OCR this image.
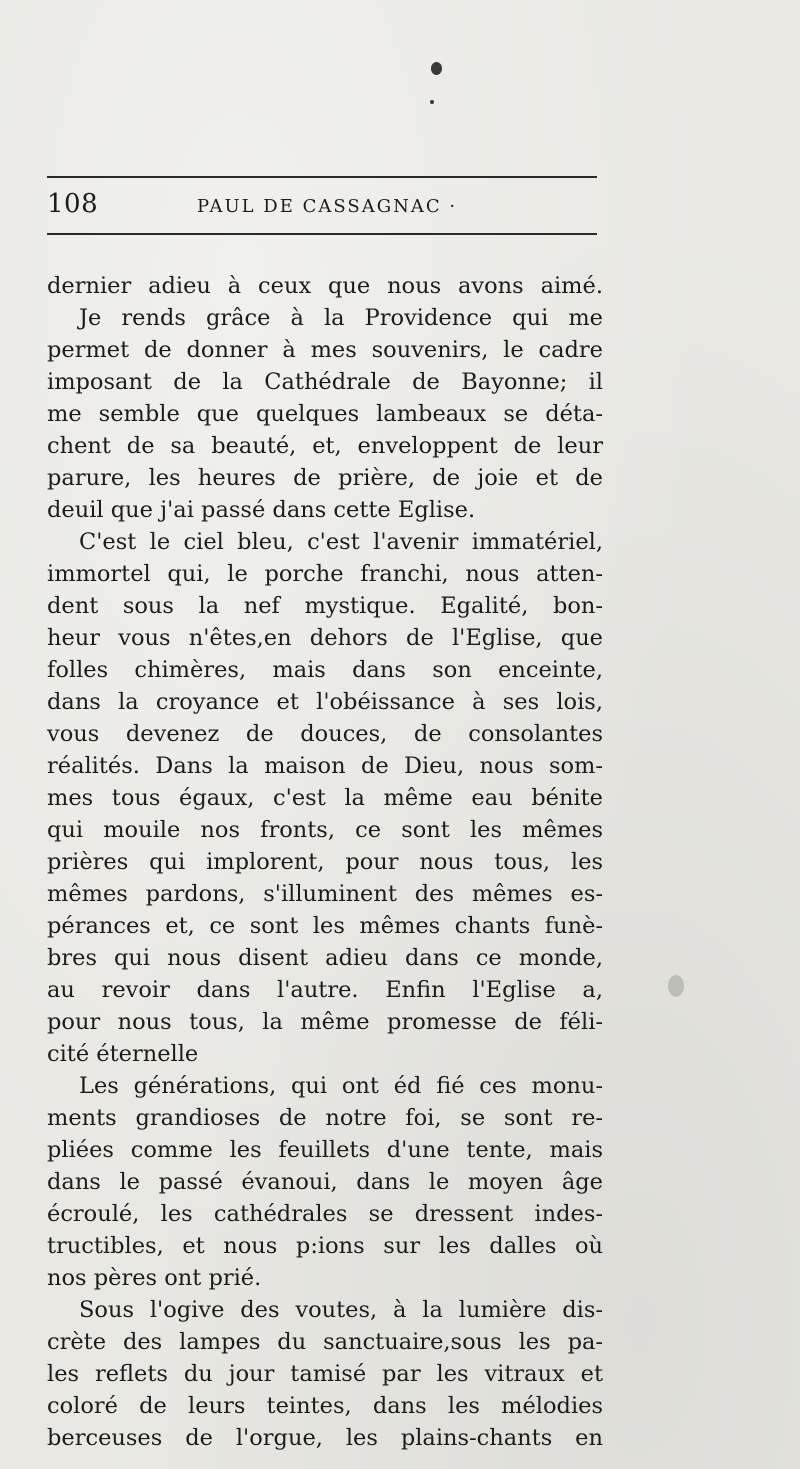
108	PAUL DE CASSAGNAC ·
dernier adieu à ceux que nous avons aimé.
Je rends grâce à la Providence qui me
permet de donner à mes souvenirs, le cadre
imposant de la Cathédrale de Bayonne; il
me semble que quelques lambeaux se déta-
chent de sa beauté, et, enveloppent de leur
parure, les heures de prière, de joie et de
deuil que j'ai passé dans cette Eglise.
C'est le ciel bleu, c'est l'avenir immatériel,
immortel qui, le porche franchi, nous atten-
dent sous la nef mystique. Egalité, bon-
heur vous n'êtes,en dehors de l'Eglise, que
folles chimères, mais dans son enceinte,
dans la croyance et l'obéissance à ses lois,
vous devenez de douces, de consolantes
réalités. Dans la maison de Dieu, nous som-
mes tous égaux, c'est la même eau bénite
qui mouile nos fronts, ce sont les mêmes
prières qui implorent, pour nous tous, les
mêmes pardons, s'illuminent des mêmes es-
pérances et, ce sont les mêmes chants funè-
bres qui nous disent adieu dans ce monde,
au revoir dans l'autre. Enfin l'Eglise a,
pour nous tous, la même promesse de féli-
cité éternelle
Les générations, qui ont éd fié ces monu-
ments grandioses de notre foi, se sont re-
pliées comme les feuillets d'une tente, mais
dans le passé évanoui, dans le moyen âge
écroulé, les cathédrales se dressent indes-
tructibles, et nous p:ions sur les dalles où
nos pères ont prié.
Sous l'ogive des voutes, à la lumière dis-
crète des lampes du sanctuaire,sous les pa-
les reflets du jour tamisé par les vitraux et
coloré de leurs teintes, dans les mélodies
berceuses de l'orgue, les plains-chants en
